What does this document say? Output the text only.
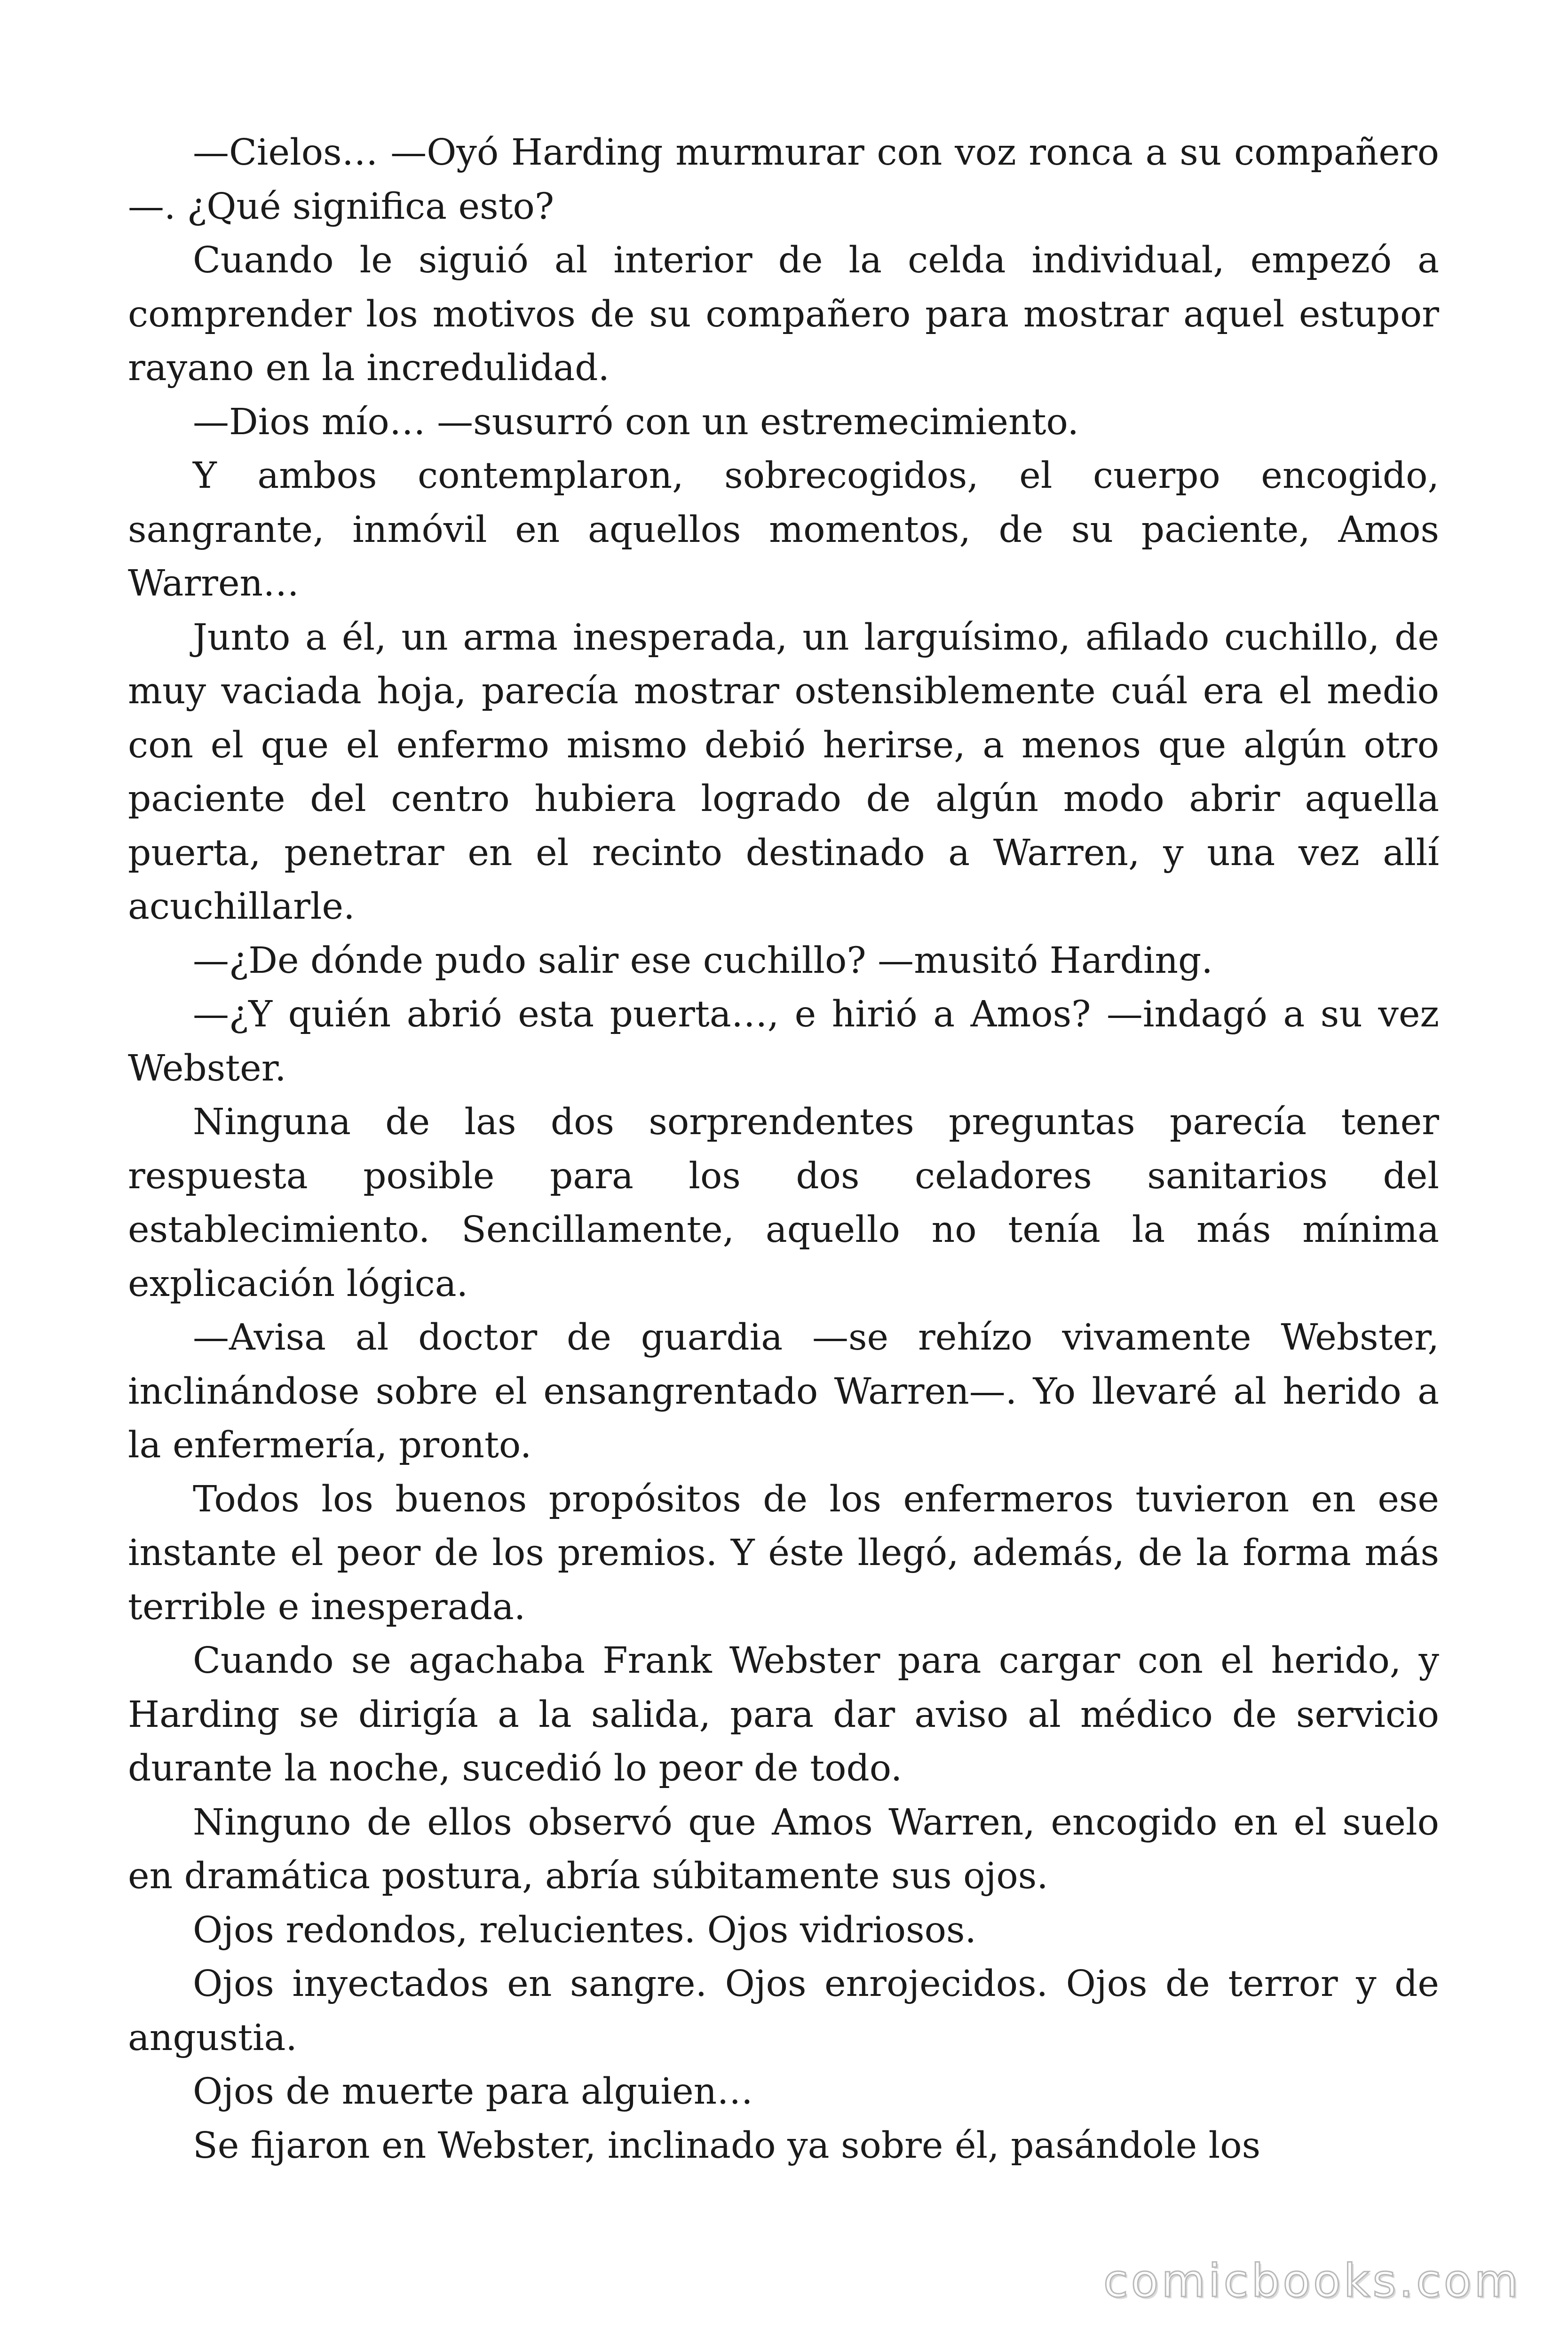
—Cielos… —Oyó Harding murmurar con voz ronca a su compañero—. ¿Qué significa esto?

Cuando le siguió al interior de la celda individual, empezó a comprender los motivos de su compañero para mostrar aquel estupor rayano en la incredulidad.

—Dios mío… —susurró con un estremecimiento.

Y ambos contemplaron, sobrecogidos, el cuerpo encogido, sangrante, inmóvil en aquellos momentos, de su paciente, Amos Warren…

Junto a él, un arma inesperada, un larguísimo, afilado cuchillo, de muy vaciada hoja, parecía mostrar ostensiblemente cuál era el medio con el que el enfermo mismo debió herirse, a menos que algún otro paciente del centro hubiera logrado de algún modo abrir aquella puerta, penetrar en el recinto destinado a Warren, y una vez allí acuchillarle.

—¿De dónde pudo salir ese cuchillo? —musitó Harding.

—¿Y quién abrió esta puerta…, e hirió a Amos? —indagó a su vez Webster.

Ninguna de las dos sorprendentes preguntas parecía tener respuesta posible para los dos celadores sanitarios del establecimiento. Sencillamente, aquello no tenía la más mínima explicación lógica.

—Avisa al doctor de guardia —se rehízo vivamente Webster, inclinándose sobre el ensangrentado Warren—. Yo llevaré al herido a la enfermería, pronto.

Todos los buenos propósitos de los enfermeros tuvieron en ese instante el peor de los premios. Y éste llegó, además, de la forma más terrible e inesperada.

Cuando se agachaba Frank Webster para cargar con el herido, y Harding se dirigía a la salida, para dar aviso al médico de servicio durante la noche, sucedió lo peor de todo.

Ninguno de ellos observó que Amos Warren, encogido en el suelo en dramática postura, abría súbitamente sus ojos.

Ojos redondos, relucientes. Ojos vidriosos.

Ojos inyectados en sangre. Ojos enrojecidos. Ojos de terror y de angustia.

Ojos de muerte para alguien…

Se fijaron en Webster, inclinado ya sobre él, pasándole los

comicbooks.com
